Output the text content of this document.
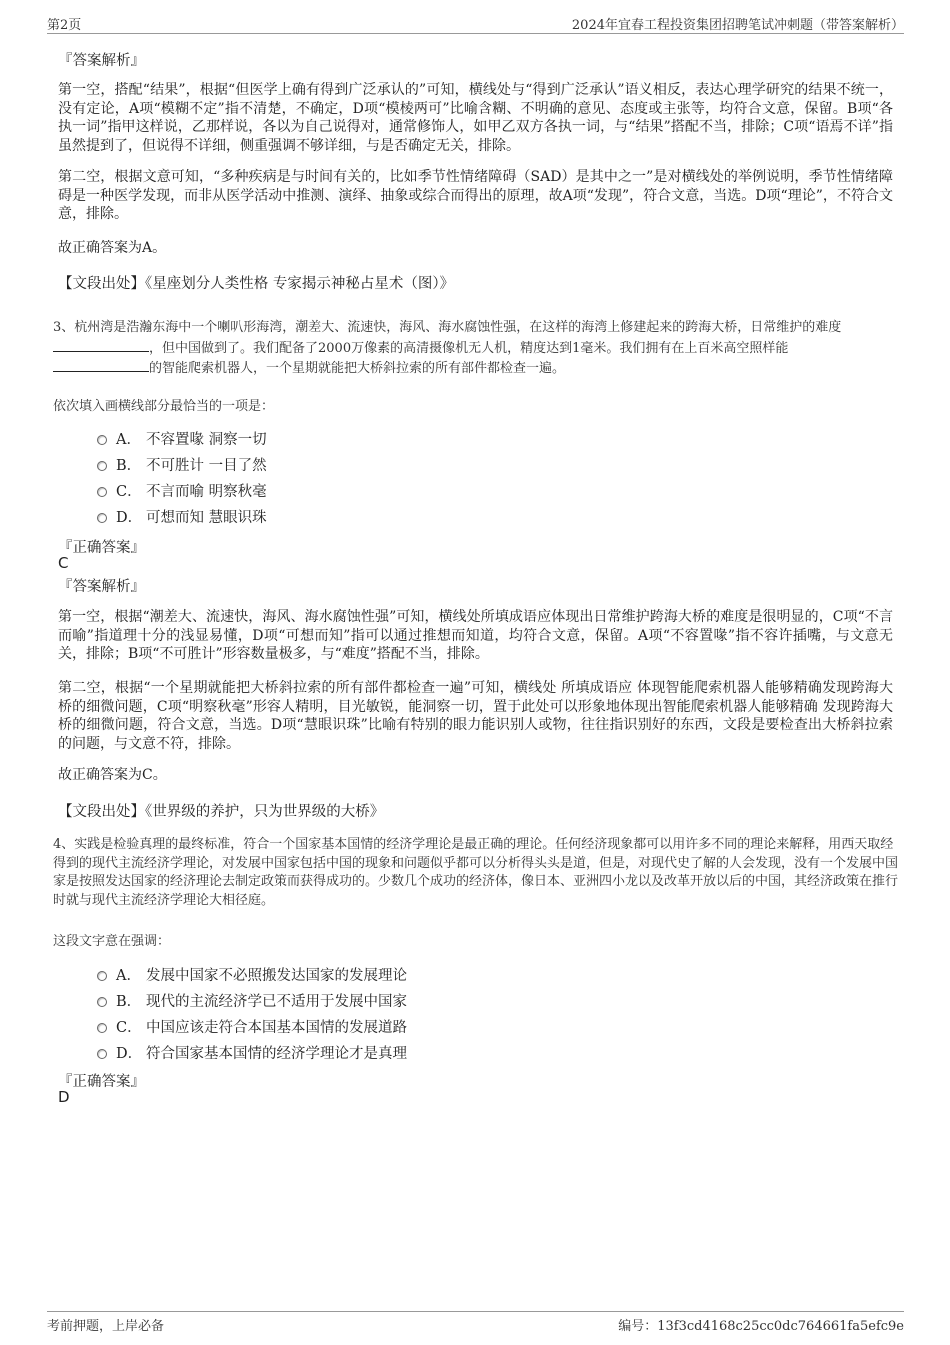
第2页	2024年宜春工程投资集团招聘笔试冲刺题（带答案解析）
『答案解析』
第一空，搭配“结果”，根据“但医学上确有得到广泛承认的”可知，横线处与“得到广泛承认”语义相反，表达心理学研究的结果不统一，没有定论，A项“模糊不定”指不清楚，不确定，D项“模棱两可”比喻含糊、不明确的意见、态度或主张等，均符合文意，保留。B项“各执一词”指甲这样说，乙那样说，各以为自己说得对，通常修饰人，如甲乙双方各执一词，与“结果”搭配不当，排除；C项“语焉不详”指虽然提到了，但说得不详细，侧重强调不够详细，与是否确定无关，排除。
第二空，根据文意可知，“多种疾病是与时间有关的，比如季节性情绪障碍（SAD）是其中之一”是对横线处的举例说明，季节性情绪障碍是一种医学发现，而非从医学活动中推测、演绎、抽象或综合而得出的原理，故A项“发现”，符合文意，当选。D项“理论”，不符合文意，排除。
故正确答案为A。
【文段出处】《星座划分人类性格 专家揭示神秘占星术（图）》
3、杭州湾是浩瀚东海中一个喇叭形海湾，潮差大、流速快，海风、海水腐蚀性强，在这样的海湾上修建起来的跨海大桥，日常维护的难度
，但中国做到了。我们配备了2000万像素的高清摄像机无人机，精度达到1毫米。我们拥有在上百米高空照样能
的智能爬索机器人，一个星期就能把大桥斜拉索的所有部件都检查一遍。
依次填入画横线部分最恰当的一项是：
A． 不容置喙 洞察一切
B． 不可胜计 一目了然
C． 不言而喻 明察秋毫
D． 可想而知 慧眼识珠
『正确答案』
C
『答案解析』
第一空，根据“潮差大、流速快，海风、海水腐蚀性强”可知，横线处所填成语应体现出日常维护跨海大桥的难度是很明显的，C项“不言而喻”指道理十分的浅显易懂，D项“可想而知”指可以通过推想而知道，均符合文意，保留。A项“不容置喙”指不容许插嘴，与文意无关，排除；B项“不可胜计”形容数量极多，与“难度”搭配不当，排除。
第二空，根据“一个星期就能把大桥斜拉索的所有部件都检查一遍”可知，横线处 所填成语应 体现智能爬索机器人能够精确发现跨海大桥的细微问题，C项“明察秋毫”形容人精明，目光敏锐，能洞察一切，置于此处可以形象地体现出智能爬索机器人能够精确 发现跨海大桥的细微问题，符合文意，当选。D项“慧眼识珠”比喻有特别的眼力能识别人或物，往往指识别好的东西，文段是要检查出大桥斜拉索的问题，与文意不符，排除。
故正确答案为C。
【文段出处】《世界级的养护，只为世界级的大桥》
4、实践是检验真理的最终标准，符合一个国家基本国情的经济学理论是最正确的理论。任何经济现象都可以用许多不同的理论来解释，用西天取经得到的现代主流经济学理论，对发展中国家包括中国的现象和问题似乎都可以分析得头头是道，但是，对现代史了解的人会发现，没有一个发展中国家是按照发达国家的经济理论去制定政策而获得成功的。少数几个成功的经济体，像日本、亚洲四小龙以及改革开放以后的中国，其经济政策在推行时就与现代主流经济学理论大相径庭。
这段文字意在强调：
A． 发展中国家不必照搬发达国家的发展理论
B． 现代的主流经济学已不适用于发展中国家
C． 中国应该走符合本国基本国情的发展道路
D． 符合国家基本国情的经济学理论才是真理
『正确答案』
D
考前押题，上岸必备	编号：13f3cd4168c25cc0dc764661fa5efc9e
